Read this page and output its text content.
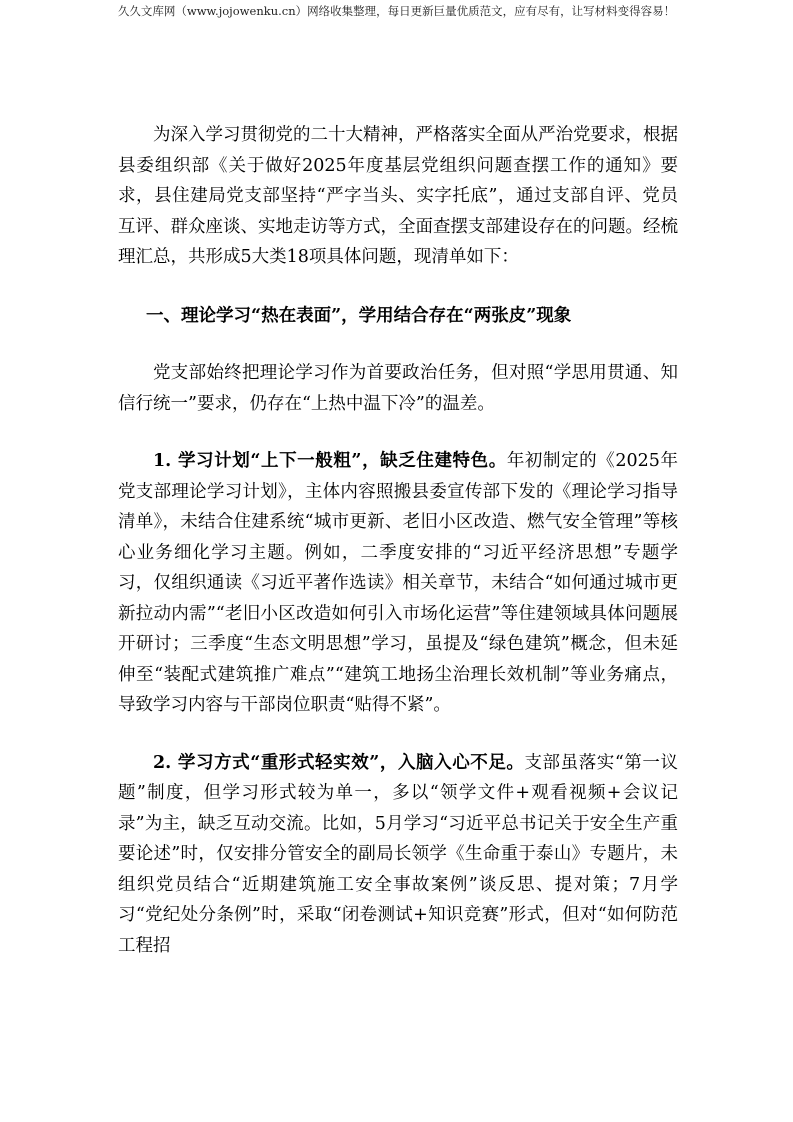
久久文库网（www.jojowenku.cn）网络收集整理，每日更新巨量优质范文，应有尽有，让写材料变得容易！

为深入学习贯彻党的二十大精神，严格落实全面从严治党要求，根据县委组织部《关于做好2025年度基层党组织问题查摆工作的通知》要求，县住建局党支部坚持“严字当头、实字托底”，通过支部自评、党员互评、群众座谈、实地走访等方式，全面查摆支部建设存在的问题。经梳理汇总，共形成5大类18项具体问题，现清单如下：

一、理论学习“热在表面”，学用结合存在“两张皮”现象

党支部始终把理论学习作为首要政治任务，但对照“学思用贯通、知信行统一”要求，仍存在“上热中温下冷”的温差。

1. 学习计划“上下一般粗”，缺乏住建特色。年初制定的《2025年党支部理论学习计划》，主体内容照搬县委宣传部下发的《理论学习指导清单》，未结合住建系统“城市更新、老旧小区改造、燃气安全管理”等核心业务细化学习主题。例如，二季度安排的“习近平经济思想”专题学习，仅组织通读《习近平著作选读》相关章节，未结合“如何通过城市更新拉动内需”“老旧小区改造如何引入市场化运营”等住建领域具体问题展开研讨；三季度“生态文明思想”学习，虽提及“绿色建筑”概念，但未延伸至“装配式建筑推广难点”“建筑工地扬尘治理长效机制”等业务痛点，导致学习内容与干部岗位职责“贴得不紧”。

2. 学习方式“重形式轻实效”，入脑入心不足。支部虽落实“第一议题”制度，但学习形式较为单一，多以“领学文件+观看视频+会议记录”为主，缺乏互动交流。比如，5月学习“习近平总书记关于安全生产重要论述”时，仅安排分管安全的副局长领学《生命重于泰山》专题片，未组织党员结合“近期建筑施工安全事故案例”谈反思、提对策；7月学习“党纪处分条例”时，采取“闭卷测试+知识竞赛”形式，但对“如何防范工程招
